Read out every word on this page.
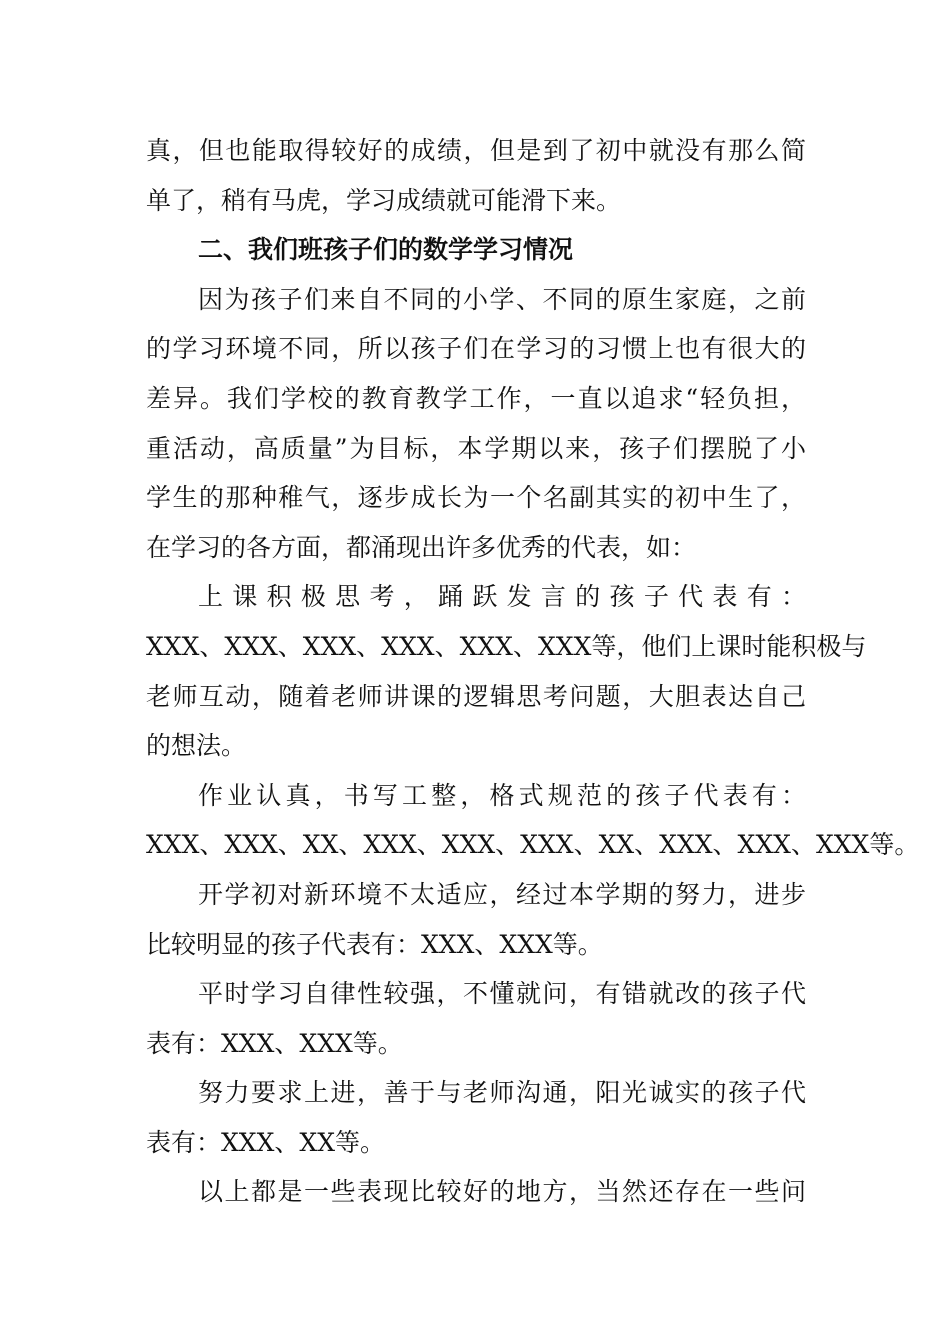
真，但也能取得较好的成绩，但是到了初中就没有那么简
单了，稍有马虎，学习成绩就可能滑下来。
二、我们班孩子们的数学学习情况
因为孩子们来自不同的小学、不同的原生家庭，之前
的学习环境不同，所以孩子们在学习的习惯上也有很大的
差异。我们学校的教育教学工作，一直以追求“轻负担，
重活动，高质量”为目标，本学期以来，孩子们摆脱了小
学生的那种稚气，逐步成长为一个名副其实的初中生了，
在学习的各方面，都涌现出许多优秀的代表，如：
上课积极思考，踊跃发言的孩子代表有：
XXX、XXX、XXX、XXX、XXX、XXX等，他们上课时能积极与
老师互动，随着老师讲课的逻辑思考问题，大胆表达自己
的想法。
作业认真，书写工整，格式规范的孩子代表有：
XXX、XXX、XX、XXX、XXX、XXX、XX、XXX、XXX、XXX等。
开学初对新环境不太适应，经过本学期的努力，进步
比较明显的孩子代表有：XXX、XXX等。
平时学习自律性较强，不懂就问，有错就改的孩子代
表有：XXX、XXX等。
努力要求上进，善于与老师沟通，阳光诚实的孩子代
表有：XXX、XX等。
以上都是一些表现比较好的地方，当然还存在一些问
